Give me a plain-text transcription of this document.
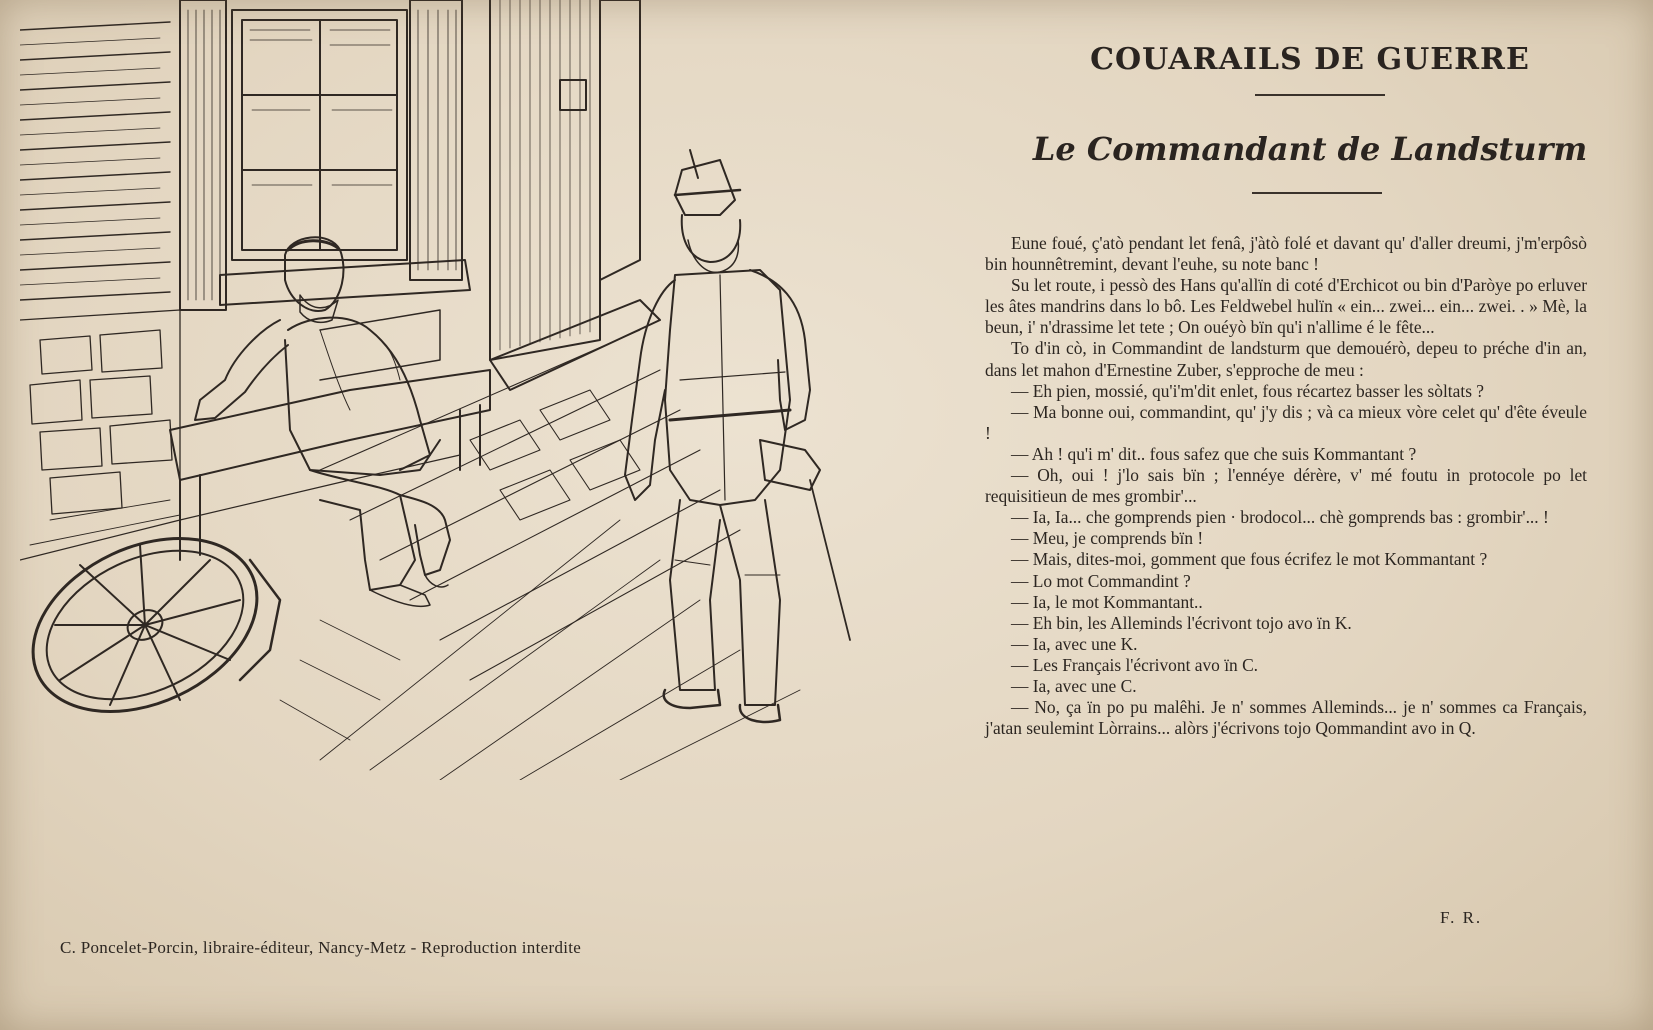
COUARAILS DE GUERRE
Le Commandant de Landsturm

Eune foué, ç'atò pendant let fenâ, j'àtò folé et davant qu' d'aller dreumi, j'm'erpôsò bin hounnêtremint, devant l'euhe, su note banc !

Su let route, i pessò des Hans qu'allïn di coté d'Erchicot ou bin d'Paròye po erluver les âtes mandrins dans lo bô. Les Feldwebel hulïn « ein... zwei... ein... zwei. . » Mè, la beun, i' n'drassime let tete ; On ouéyò bïn qu'i n'allime é le fête...

To d'in cò, in Commandint de landsturm que demouérò, depeu to préche d'in an, dans let mahon d'Ernestine Zuber, s'epproche de meu :

— Eh pien, mossié, qu'i'm'dit enlet, fous récartez basser les sòltats ?

— Ma bonne oui, commandint, qu' j'y dis ; và ca mieux vòre celet qu' d'ête éveule !

— Ah ! qu'i m' dit.. fous safez que che suis Kommantant ?

— Oh, oui ! j'lo sais bïn ; l'ennéye dérère, v' mé foutu in protocole po let requisitieun de mes grombir'...

— Ia, Ia... che gomprends pien · brodocol... chè gomprends bas : grombir'... !

— Meu, je comprends bïn !

— Mais, dites-moi, gomment que fous écrifez le mot Kommantant ?

— Lo mot Commandint ?

— Ia, le mot Kommantant..

— Eh bin, les Alleminds l'écrivont tojo avo ïn K.

— Ia, avec une K.

— Les Français l'écrivont avo ïn C.

— Ia, avec une C.

— No, ça ïn po pu malêhi. Je n' sommes Alleminds... je n' sommes ca Français, j'atan seulemint Lòrrains... alòrs j'écrivons tojo Qommandint avo in Q.

F. R.
C. Poncelet-Porcin, libraire-éditeur, Nancy-Metz - Reproduction interdite
